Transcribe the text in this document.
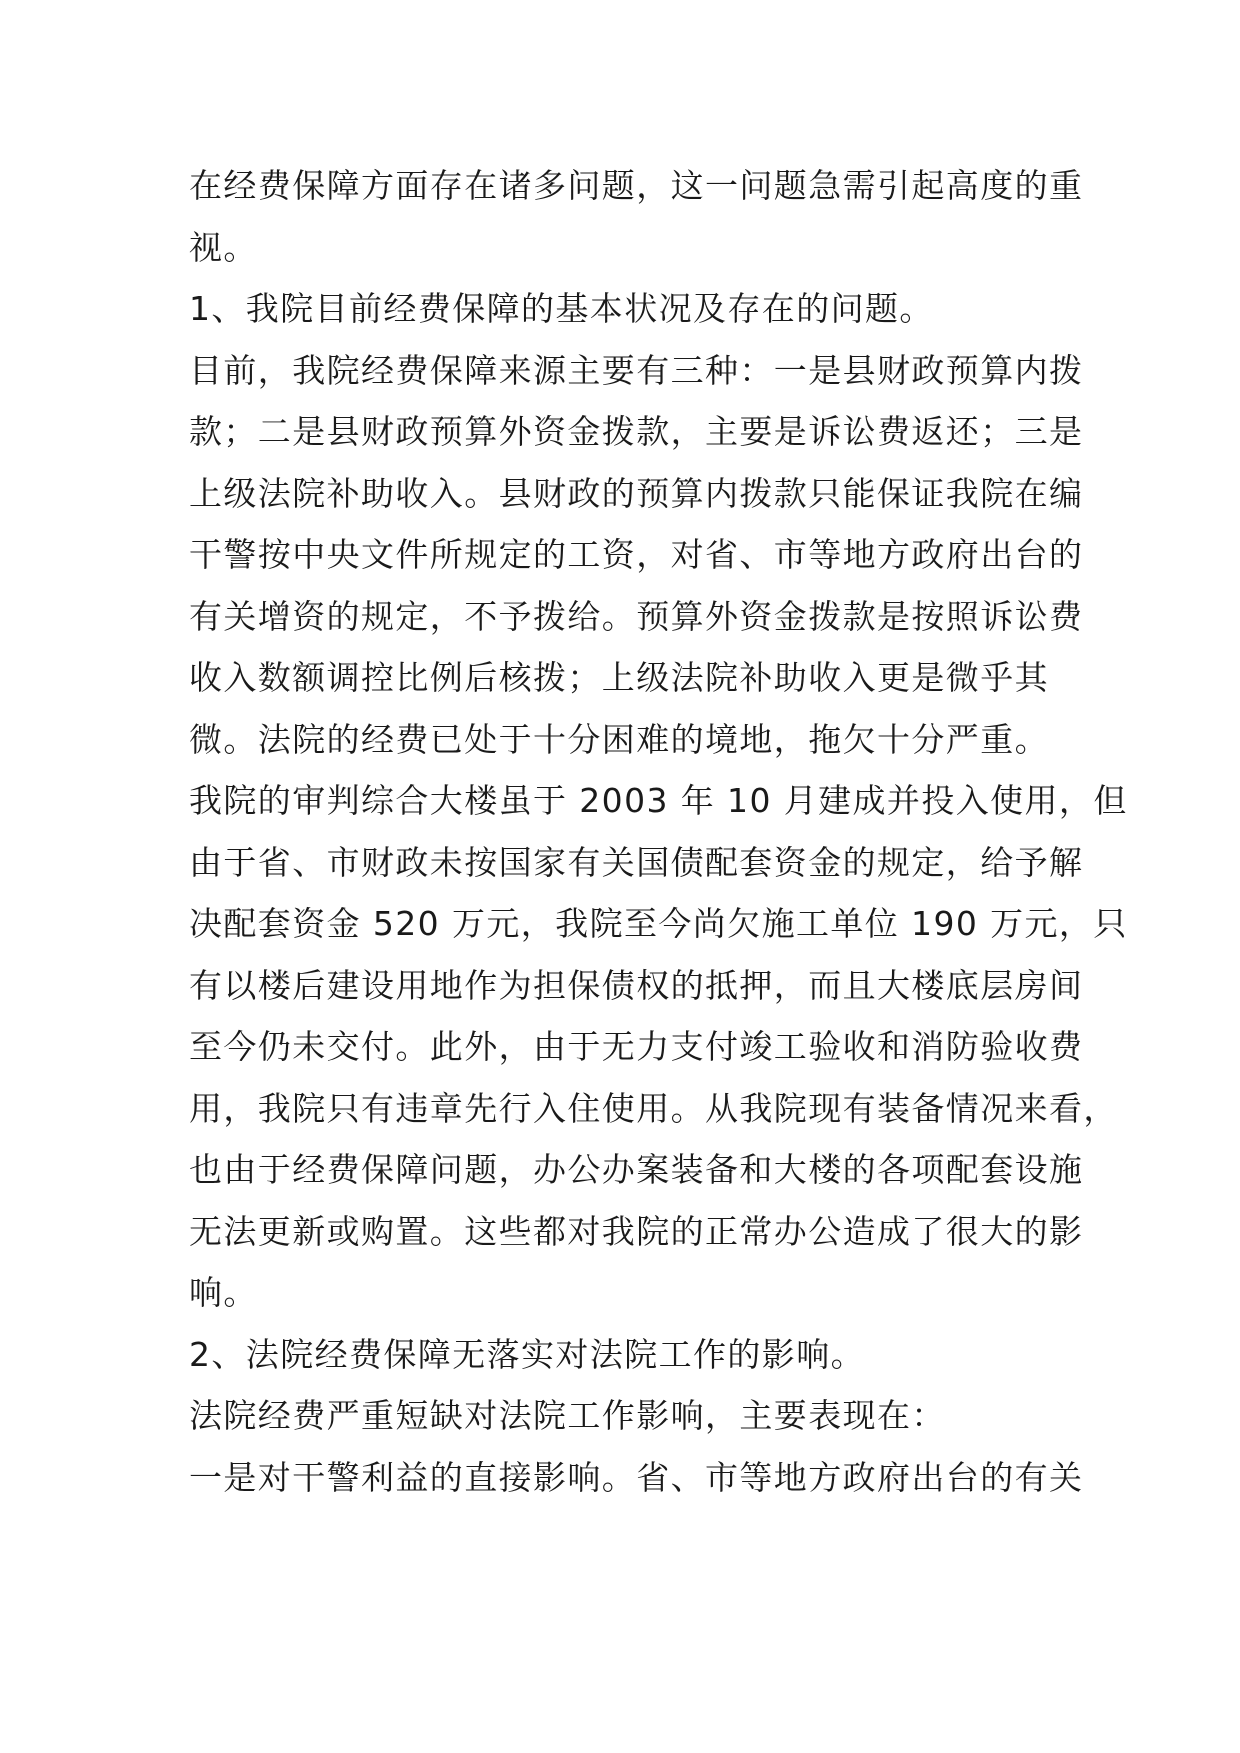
在经费保障方面存在诸多问题，这一问题急需引起高度的重
视。
1、我院目前经费保障的基本状况及存在的问题。
目前，我院经费保障来源主要有三种：一是县财政预算内拨
款；二是县财政预算外资金拨款，主要是诉讼费返还；三是
上级法院补助收入。县财政的预算内拨款只能保证我院在编
干警按中央文件所规定的工资，对省、市等地方政府出台的
有关增资的规定，不予拨给。预算外资金拨款是按照诉讼费
收入数额调控比例后核拨；上级法院补助收入更是微乎其
微。法院的经费已处于十分困难的境地，拖欠十分严重。
我院的审判综合大楼虽于 2003 年 10 月建成并投入使用，但
由于省、市财政未按国家有关国债配套资金的规定，给予解
决配套资金 520 万元，我院至今尚欠施工单位 190 万元，只
有以楼后建设用地作为担保债权的抵押，而且大楼底层房间
至今仍未交付。此外，由于无力支付竣工验收和消防验收费
用，我院只有违章先行入住使用。从我院现有装备情况来看，
也由于经费保障问题，办公办案装备和大楼的各项配套设施
无法更新或购置。这些都对我院的正常办公造成了很大的影
响。
2、法院经费保障无落实对法院工作的影响。
法院经费严重短缺对法院工作影响，主要表现在：
一是对干警利益的直接影响。省、市等地方政府出台的有关
